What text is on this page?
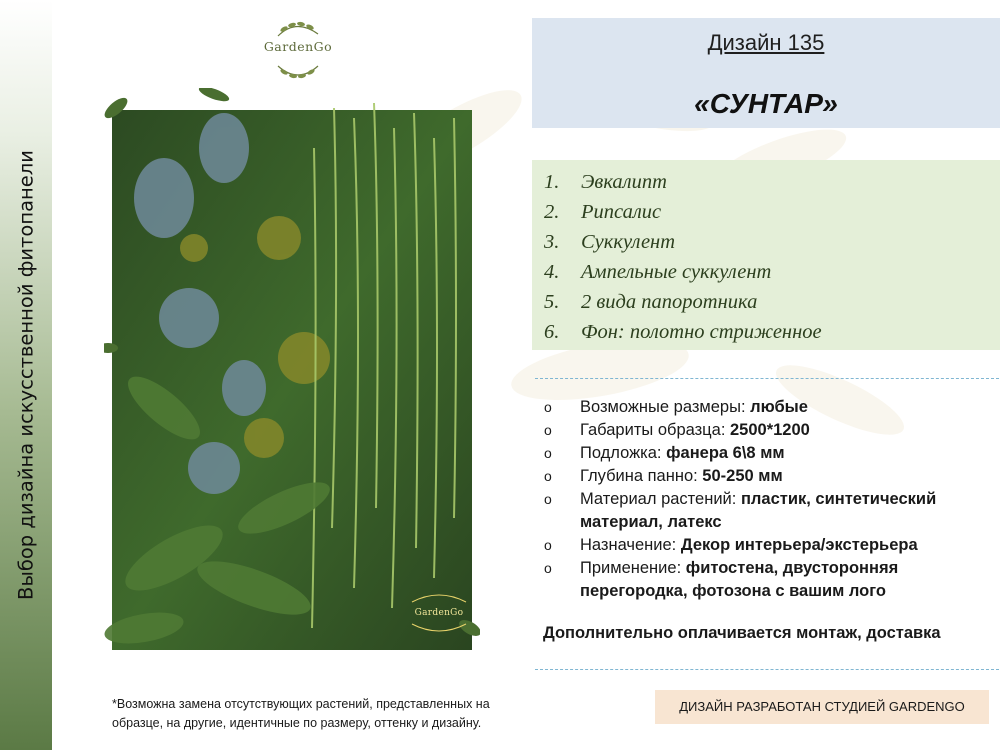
Выбор дизайна искусственной фитопанели
GardenGo
GardenGo
Дизайн 135
«СУНТАР»
1. Эвкалипт
2. Рипсалис
3. Суккулент
4. Ампельные суккулент
5. 2 вида папоротника
6. Фон: полотно стриженное
o Возможные размеры: любые
o Габариты образца: 2500*1200
o Подложка: фанера 6\8 мм
o Глубина панно: 50-250 мм
o Материал растений: пластик, синтетический материал, латекс
o Назначение: Декор интерьера/экстерьера
o Применение: фитостена, двусторонняя перегородка, фотозона с вашим лого
Дополнительно оплачивается монтаж, доставка
*Возможна замена отсутствующих растений, представленных на образце, на другие, идентичные по размеру, оттенку и дизайну.
ДИЗАЙН РАЗРАБОТАН СТУДИЕЙ GARDENGO
